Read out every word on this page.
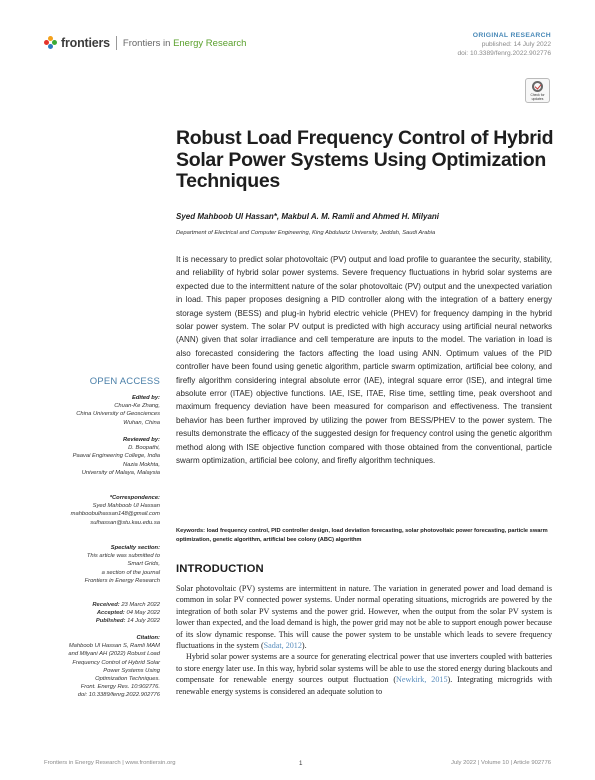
frontiers Frontiers in Energy Research
ORIGINAL RESEARCH
published: 14 July 2022
doi: 10.3389/fenrg.2022.902776
Check for
updates
Robust Load Frequency Control of Hybrid Solar Power Systems Using Optimization Techniques
Syed Mahboob Ul Hassan*, Makbul A. M. Ramli and Ahmed H. Milyani
Department of Electrical and Computer Engineering, King Abdulaziz University, Jeddah, Saudi Arabia
It is necessary to predict solar photovoltaic (PV) output and load profile to guarantee the security, stability, and reliability of hybrid solar power systems. Severe frequency fluctuations in hybrid solar systems are expected due to the intermittent nature of the solar photovoltaic (PV) output and the unexpected variation in load. This paper proposes designing a PID controller along with the integration of a battery energy storage system (BESS) and plug-in hybrid electric vehicle (PHEV) for frequency damping in the hybrid solar power system. The solar PV output is predicted with high accuracy using artificial neural networks (ANN) given that solar irradiance and cell temperature are inputs to the model. The variation in load is also forecasted considering the factors affecting the load using ANN. Optimum values of the PID controller have been found using genetic algorithm, particle swarm optimization, artificial bee colony, and firefly algorithm considering integral absolute error (IAE), integral square error (ISE), and integral time absolute error (ITAE) objective functions. IAE, ISE, ITAE, Rise time, settling time, peak overshoot and maximum frequency deviation have been measured for comparison and effectiveness. The transient behavior has been further improved by utilizing the power from BESS/PHEV to the power system. The results demonstrate the efficacy of the suggested design for frequency control using the genetic algorithm method along with ISE objective function compared with those obtained from the conventional, particle swarm optimization, artificial bee colony, and firefly algorithm techniques.
Keywords: load frequency control, PID controller design, load deviation forecasting, solar photovoltaic power forecasting, particle swarm optimization, genetic algorithm, artificial bee colony (ABC) algorithm
INTRODUCTION

Solar photovoltaic (PV) systems are intermittent in nature. The variation in generated power and load demand is common in solar PV connected power systems. Under normal operating situations, microgrids are powered by the integration of both solar PV systems and the power grid. However, when the output from the solar PV system is lower than expected, and the load demand is high, the power grid may not be able to support enough power because of its slow dynamic response. This will cause the power system to be unstable which leads to severe frequency fluctuations in the system (Sadat, 2012).

Hybrid solar power systems are a source for generating electrical power that use inverters coupled with batteries to store energy later use. In this way, hybrid solar systems will be able to use the stored energy during blackouts and compensate for renewable energy sources output fluctuation (Newkirk, 2015). Integrating microgrids with renewable energy systems is considered an adequate solution to

OPEN ACCESS
Edited by:
Chuan-Ke Zhang,
China University of Geosciences
Wuhan, China
Reviewed by:
D. Boopathi,
Paavai Engineering College, India
Nazia Mokhta,
University of Malaya, Malaysia
*Correspondence:
Syed Mahboob Ul Hassan
mahboobulhassan148@gmail.com
sulhassan@stu.kau.edu.sa
Specialty section:
This article was submitted to
Smart Grids,
a section of the journal
Frontiers in Energy Research
Received: 23 March 2022
Accepted: 04 May 2022
Published: 14 July 2022
Citation:
Mahboob Ul Hassan S, Ramli MAM
and Milyani AH (2022) Robust Load
Frequency Control of Hybrid Solar
Power Systems Using
Optimization Techniques.
Front. Energy Res. 10:902776.
doi: 10.3389/fenrg.2022.902776
Frontiers in Energy Research | www.frontiersin.org	1	July 2022 | Volume 10 | Article 902776
